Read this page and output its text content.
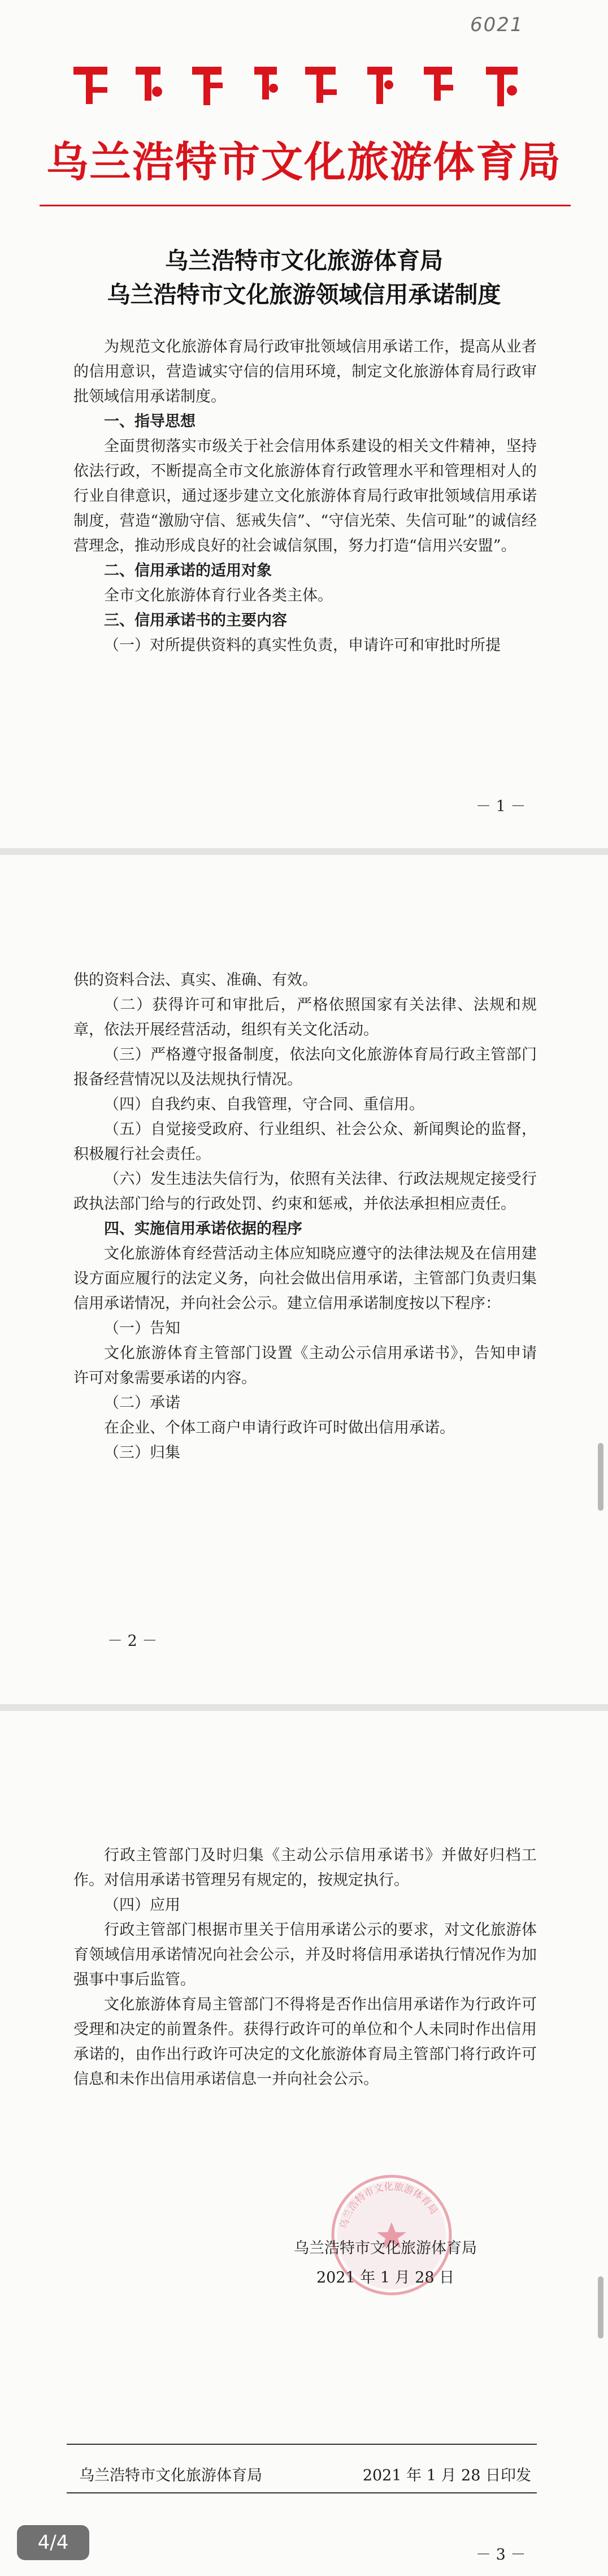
6021
乌兰浩特市文化旅游体育局
乌兰浩特市文化旅游体育局
乌兰浩特市文化旅游领域信用承诺制度

为规范文化旅游体育局行政审批领域信用承诺工作，提高从业者的信用意识，营造诚实守信的信用环境，制定文化旅游体育局行政审批领域信用承诺制度。

一、指导思想

全面贯彻落实市级关于社会信用体系建设的相关文件精神，坚持依法行政，不断提高全市文化旅游体育行政管理水平和管理相对人的行业自律意识，通过逐步建立文化旅游体育局行政审批领域信用承诺制度，营造“激励守信、惩戒失信”、“守信光荣、失信可耻”的诚信经营理念，推动形成良好的社会诚信氛围，努力打造“信用兴安盟”。

二、信用承诺的适用对象

全市文化旅游体育行业各类主体。

三、信用承诺书的主要内容

（一）对所提供资料的真实性负责，申请许可和审批时所提

－ 1 －

供的资料合法、真实、准确、有效。

（二）获得许可和审批后，严格依照国家有关法律、法规和规章，依法开展经营活动，组织有关文化活动。

（三）严格遵守报备制度，依法向文化旅游体育局行政主管部门报备经营情况以及法规执行情况。

（四）自我约束、自我管理，守合同、重信用。

（五）自觉接受政府、行业组织、社会公众、新闻舆论的监督，积极履行社会责任。

（六）发生违法失信行为，依照有关法律、行政法规规定接受行政执法部门给与的行政处罚、约束和惩戒，并依法承担相应责任。

四、实施信用承诺依据的程序

文化旅游体育经营活动主体应知晓应遵守的法律法规及在信用建设方面应履行的法定义务，向社会做出信用承诺，主管部门负责归集信用承诺情况，并向社会公示。建立信用承诺制度按以下程序：

（一）告知

文化旅游体育主管部门设置《主动公示信用承诺书》，告知申请许可对象需要承诺的内容。

（二）承诺

在企业、个体工商户申请行政许可时做出信用承诺。

（三）归集

－ 2 －

行政主管部门及时归集《主动公示信用承诺书》并做好归档工作。对信用承诺书管理另有规定的，按规定执行。

（四）应用

行政主管部门根据市里关于信用承诺公示的要求，对文化旅游体育领域信用承诺情况向社会公示，并及时将信用承诺执行情况作为加强事中事后监管。

文化旅游体育局主管部门不得将是否作出信用承诺作为行政许可受理和决定的前置条件。获得行政许可的单位和个人未同时作出信用承诺的，由作出行政许可决定的文化旅游体育局主管部门将行政许可信息和未作出信用承诺信息一并向社会公示。

乌兰浩特市文化旅游体育局
乌兰浩特市文化旅游体育局
2021 年 1 月 28 日
乌兰浩特市文化旅游体育局	2021 年 1 月 28 日印发
－ 3 －
4/4
